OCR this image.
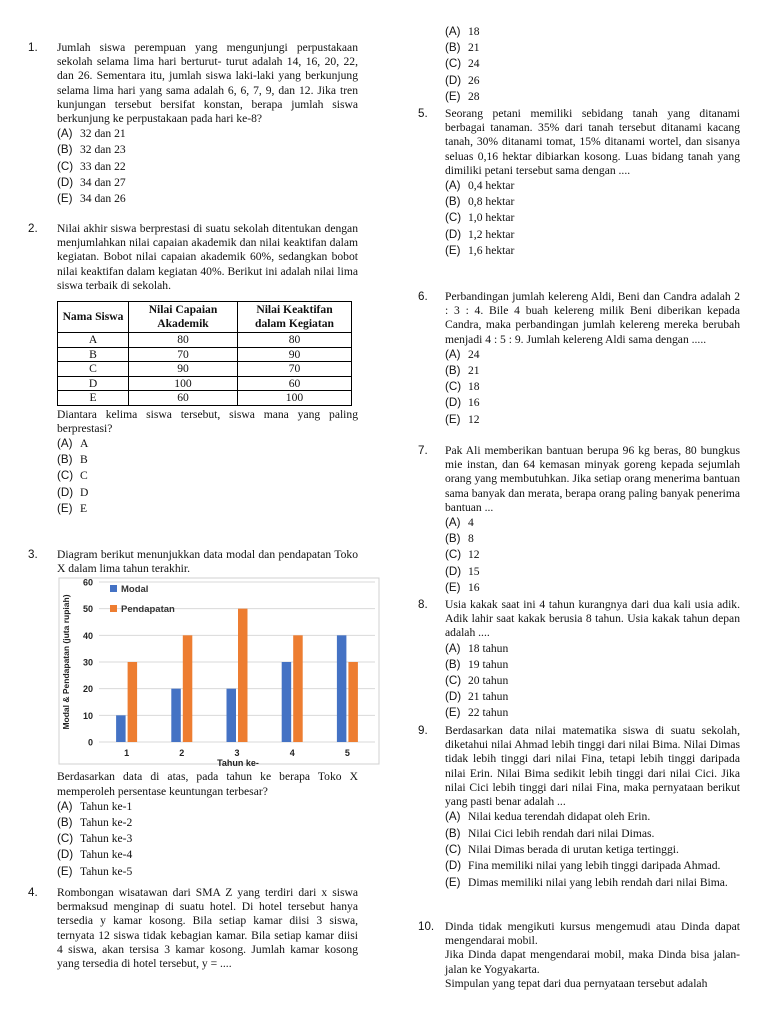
1. Jumlah siswa perempuan yang mengunjungi perpustakaan sekolah selama lima hari berturut- turut adalah 14, 16, 20, 22, dan 26. Sementara itu, jumlah siswa laki-laki yang berkunjung selama lima hari yang sama adalah 6, 6, 7, 9, dan 12. Jika tren kunjungan tersebut bersifat konstan, berapa jumlah siswa berkunjung ke perpustakaan pada hari ke-8?
(A) 32 dan 21
(B) 32 dan 23
(C) 33 dan 22
(D) 34 dan 27
(E) 34 dan 26
2. Nilai akhir siswa berprestasi di suatu sekolah ditentukan dengan menjumlahkan nilai capaian akademik dan nilai keaktifan dalam kegiatan. Bobot nilai capaian akademik 60%, sedangkan bobot nilai keaktifan dalam kegiatan 40%. Berikut ini adalah nilai lima siswa terbaik di sekolah.
Nama Siswa	Nilai Capaian Akademik	Nilai Keaktifan dalam Kegiatan
A	80	80
B	70	90
C	90	70
D	100	60
E	60	100
Diantara kelima siswa tersebut, siswa mana yang paling berprestasi?
(A) A
(B) B
(C) C
(D) D
(E) E
3. Diagram berikut menunjukkan data modal dan pendapatan Toko X dalam lima tahun terakhir.
0
10
20
30
40
50
60
1	2	3	4	5
Tahun ke-
Modal & Pendapatan (juta rupiah)
Modal
Pendapatan
Berdasarkan data di atas, pada tahun ke berapa Toko X memperoleh persentase keuntungan terbesar?
(A) Tahun ke-1
(B) Tahun ke-2
(C) Tahun ke-3
(D) Tahun ke-4
(E) Tahun ke-5
4. Rombongan wisatawan dari SMA Z yang terdiri dari x siswa bermaksud menginap di suatu hotel. Di hotel tersebut hanya tersedia y kamar kosong. Bila setiap kamar diisi 3 siswa, ternyata 12 siswa tidak kebagian kamar. Bila setiap kamar diisi 4 siswa, akan tersisa 3 kamar kosong. Jumlah kamar kosong yang tersedia di hotel tersebut, y = ....
(A) 18
(B) 21
(C) 24
(D) 26
(E) 28
5. Seorang petani memiliki sebidang tanah yang ditanami berbagai tanaman. 35% dari tanah tersebut ditanami kacang tanah, 30% ditanami tomat, 15% ditanami wortel, dan sisanya seluas 0,16 hektar dibiarkan kosong. Luas bidang tanah yang dimiliki petani tersebut sama dengan ....
(A) 0,4 hektar
(B) 0,8 hektar
(C) 1,0 hektar
(D) 1,2 hektar
(E) 1,6 hektar
6. Perbandingan jumlah kelereng Aldi, Beni dan Candra adalah 2 : 3 : 4. Bile 4 buah kelereng milik Beni diberikan kepada Candra, maka perbandingan jumlah kelereng mereka berubah menjadi 4 : 5 : 9. Jumlah kelereng Aldi sama dengan .....
(A) 24
(B) 21
(C) 18
(D) 16
(E) 12
7. Pak Ali memberikan bantuan berupa 96 kg beras, 80 bungkus mie instan, dan 64 kemasan minyak goreng kepada sejumlah orang yang membutuhkan. Jika setiap orang menerima bantuan sama banyak dan merata, berapa orang paling banyak penerima bantuan ...
(A) 4
(B) 8
(C) 12
(D) 15
(E) 16
8. Usia kakak saat ini 4 tahun kurangnya dari dua kali usia adik. Adik lahir saat kakak berusia 8 tahun. Usia kakak tahun depan adalah ....
(A) 18 tahun
(B) 19 tahun
(C) 20 tahun
(D) 21 tahun
(E) 22 tahun
9. Berdasarkan data nilai matematika siswa di suatu sekolah, diketahui nilai Ahmad lebih tinggi dari nilai Bima. Nilai Dimas tidak lebih tinggi dari nilai Fina, tetapi lebih tinggi daripada nilai Erin. Nilai Bima sedikit lebih tinggi dari nilai Cici. Jika nilai Cici lebih tinggi dari nilai Fina, maka pernyataan berikut yang pasti benar adalah ...
(A) Nilai kedua terendah didapat oleh Erin.
(B) Nilai Cici lebih rendah dari nilai Dimas.
(C) Nilai Dimas berada di urutan ketiga tertinggi.
(D) Fina memiliki nilai yang lebih tinggi daripada Ahmad.
(E) Dimas memiliki nilai yang lebih rendah dari nilai Bima.
10. Dinda tidak mengikuti kursus mengemudi atau Dinda dapat mengendarai mobil.
Jika Dinda dapat mengendarai mobil, maka Dinda bisa jalan-jalan ke Yogyakarta.
Simpulan yang tepat dari dua pernyataan tersebut adalah
